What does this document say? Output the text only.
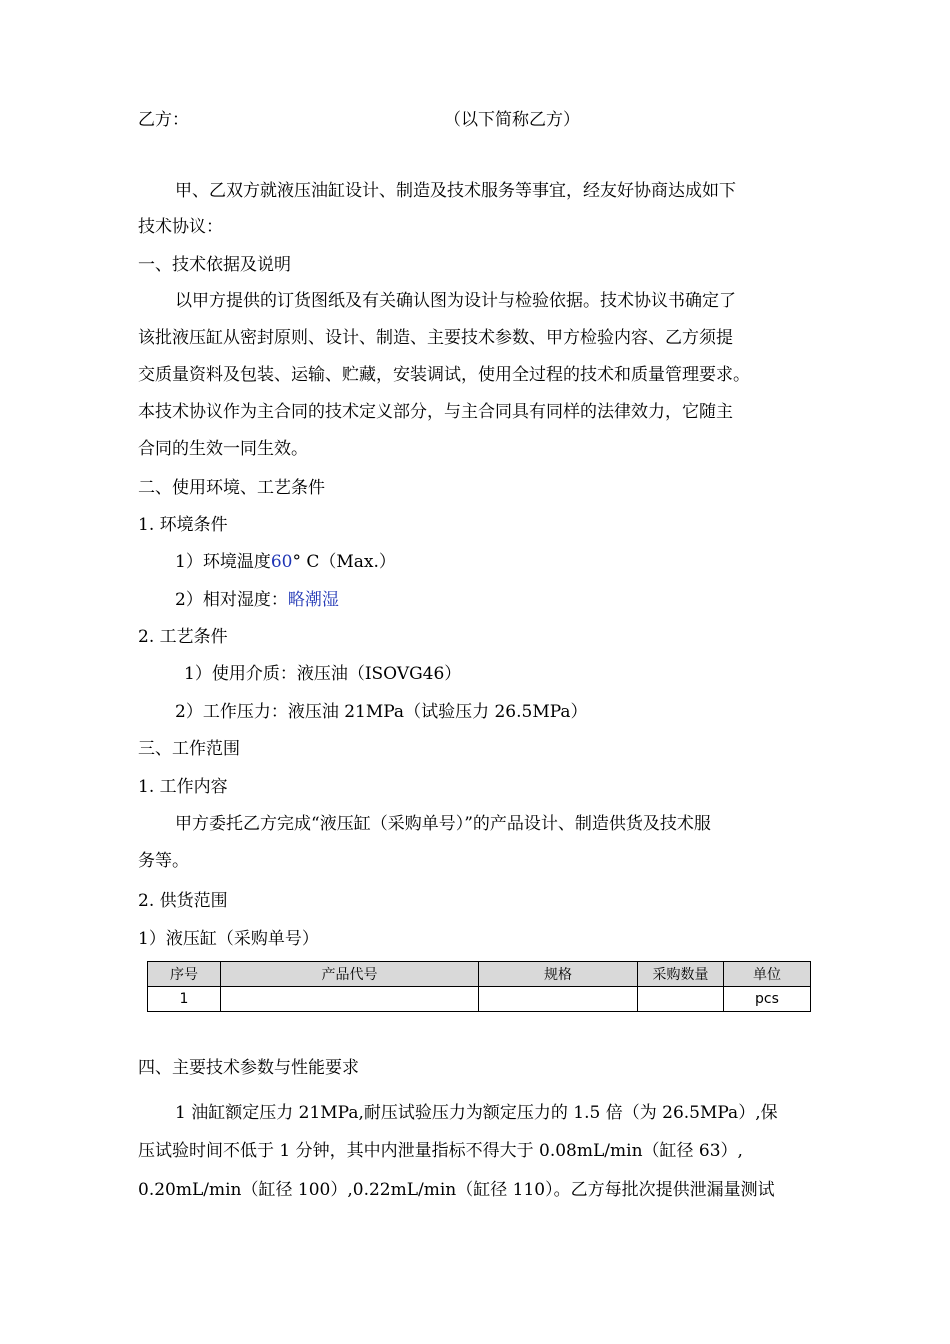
乙方：	（以下简称乙方）
甲、乙双方就液压油缸设计、制造及技术服务等事宜，经友好协商达成如下
技术协议：
一、技术依据及说明
以甲方提供的订货图纸及有关确认图为设计与检验依据。技术协议书确定了
该批液压缸从密封原则、设计、制造、主要技术参数、甲方检验内容、乙方须提
交质量资料及包装、运输、贮藏，安装调试，使用全过程的技术和质量管理要求。
本技术协议作为主合同的技术定义部分，与主合同具有同样的法律效力，它随主
合同的生效一同生效。
二、使用环境、工艺条件
1. 环境条件
1）环境温度60° C（Max.）
2）相对湿度：略潮湿
2. 工艺条件
1）使用介质：液压油（ISOVG46）
2）工作压力：液压油 21MPa（试验压力 26.5MPa）
三、工作范围
1. 工作内容
甲方委托乙方完成“液压缸（采购单号）”的产品设计、制造供货及技术服
务等。
2. 供货范围
1）液压缸（采购单号）
序号	产品代号	规格	采购数量	单位
1				pcs
四、主要技术参数与性能要求
1 油缸额定压力 21MPa,耐压试验压力为额定压力的 1.5 倍（为 26.5MPa）,保
压试验时间不低于 1 分钟，其中内泄量指标不得大于 0.08mL/min（缸径 63）,
0.20mL/min（缸径 100）,0.22mL/min（缸径 110）。乙方每批次提供泄漏量测试
